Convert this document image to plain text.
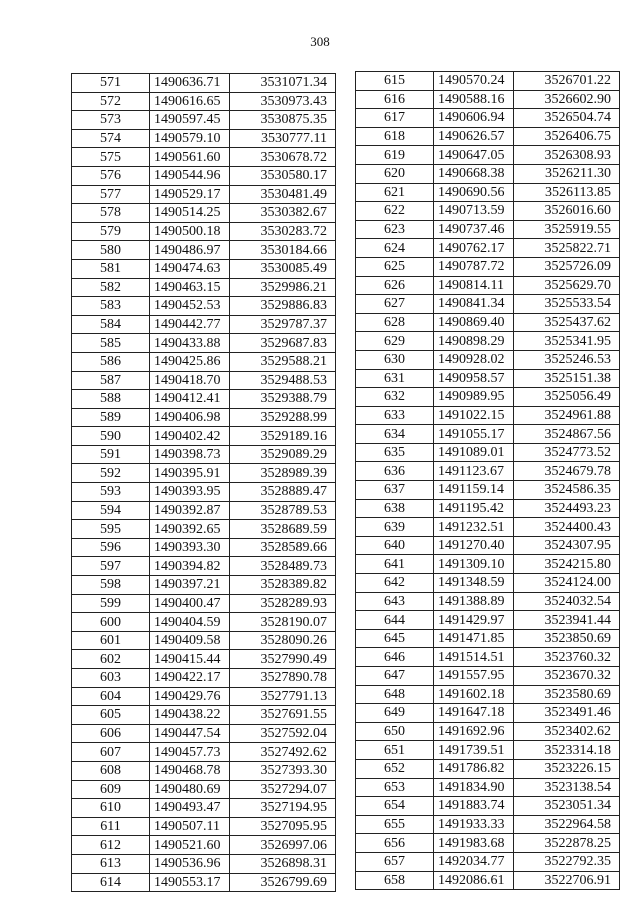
308
571	1490636.71	3531071.34
572	1490616.65	3530973.43
573	1490597.45	3530875.35
574	1490579.10	3530777.11
575	1490561.60	3530678.72
576	1490544.96	3530580.17
577	1490529.17	3530481.49
578	1490514.25	3530382.67
579	1490500.18	3530283.72
580	1490486.97	3530184.66
581	1490474.63	3530085.49
582	1490463.15	3529986.21
583	1490452.53	3529886.83
584	1490442.77	3529787.37
585	1490433.88	3529687.83
586	1490425.86	3529588.21
587	1490418.70	3529488.53
588	1490412.41	3529388.79
589	1490406.98	3529288.99
590	1490402.42	3529189.16
591	1490398.73	3529089.29
592	1490395.91	3528989.39
593	1490393.95	3528889.47
594	1490392.87	3528789.53
595	1490392.65	3528689.59
596	1490393.30	3528589.66
597	1490394.82	3528489.73
598	1490397.21	3528389.82
599	1490400.47	3528289.93
600	1490404.59	3528190.07
601	1490409.58	3528090.26
602	1490415.44	3527990.49
603	1490422.17	3527890.78
604	1490429.76	3527791.13
605	1490438.22	3527691.55
606	1490447.54	3527592.04
607	1490457.73	3527492.62
608	1490468.78	3527393.30
609	1490480.69	3527294.07
610	1490493.47	3527194.95
611	1490507.11	3527095.95
612	1490521.60	3526997.06
613	1490536.96	3526898.31
614	1490553.17	3526799.69
615	1490570.24	3526701.22
616	1490588.16	3526602.90
617	1490606.94	3526504.74
618	1490626.57	3526406.75
619	1490647.05	3526308.93
620	1490668.38	3526211.30
621	1490690.56	3526113.85
622	1490713.59	3526016.60
623	1490737.46	3525919.55
624	1490762.17	3525822.71
625	1490787.72	3525726.09
626	1490814.11	3525629.70
627	1490841.34	3525533.54
628	1490869.40	3525437.62
629	1490898.29	3525341.95
630	1490928.02	3525246.53
631	1490958.57	3525151.38
632	1490989.95	3525056.49
633	1491022.15	3524961.88
634	1491055.17	3524867.56
635	1491089.01	3524773.52
636	1491123.67	3524679.78
637	1491159.14	3524586.35
638	1491195.42	3524493.23
639	1491232.51	3524400.43
640	1491270.40	3524307.95
641	1491309.10	3524215.80
642	1491348.59	3524124.00
643	1491388.89	3524032.54
644	1491429.97	3523941.44
645	1491471.85	3523850.69
646	1491514.51	3523760.32
647	1491557.95	3523670.32
648	1491602.18	3523580.69
649	1491647.18	3523491.46
650	1491692.96	3523402.62
651	1491739.51	3523314.18
652	1491786.82	3523226.15
653	1491834.90	3523138.54
654	1491883.74	3523051.34
655	1491933.33	3522964.58
656	1491983.68	3522878.25
657	1492034.77	3522792.35
658	1492086.61	3522706.91
